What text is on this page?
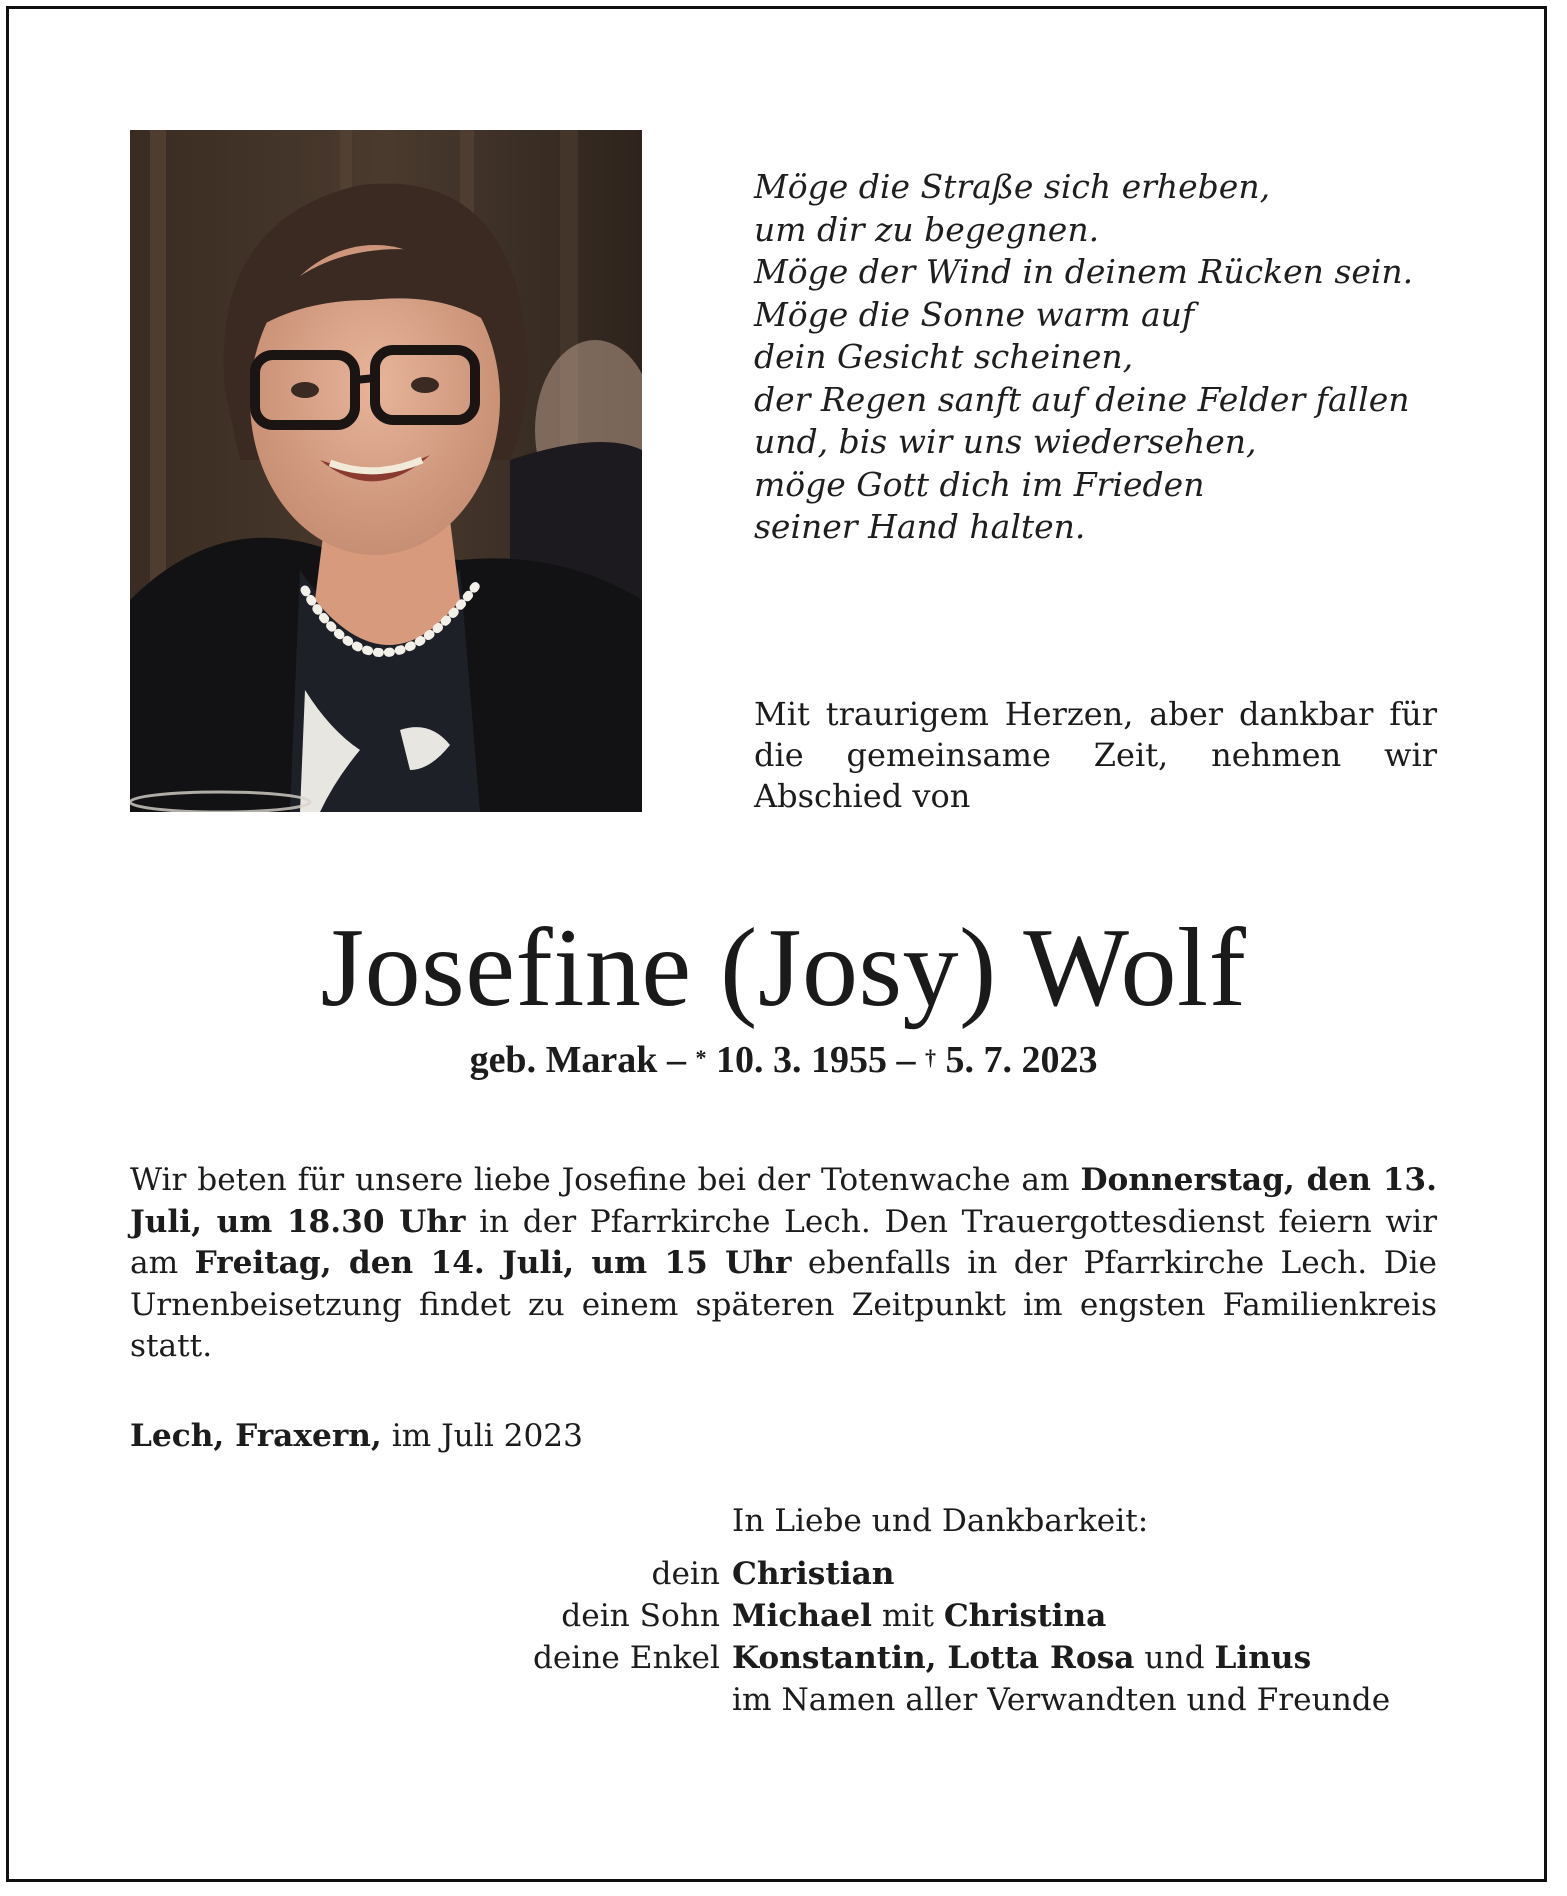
Möge die Straße sich erheben,
um dir zu begegnen.
Möge der Wind in deinem Rücken sein.
Möge die Sonne warm auf
dein Gesicht scheinen,
der Regen sanft auf deine Felder fallen
und, bis wir uns wiedersehen,
möge Gott dich im Frieden
seiner Hand halten.
Mit traurigem Herzen, aber dankbar für die gemeinsame Zeit, nehmen wir Abschied von
Josefine (Josy) Wolf
geb. Marak – * 10. 3. 1955 – † 5. 7. 2023
Wir beten für unsere liebe Josefine bei der Totenwache am Donnerstag, den 13. Juli, um 18.30 Uhr in der Pfarrkirche Lech. Den Trauergottesdienst feiern wir am Freitag, den 14. Juli, um 15 Uhr ebenfalls in der Pfarrkirche Lech. Die Urnenbeisetzung findet zu einem späteren Zeitpunkt im engsten Familienkreis statt.
Lech, Fraxern, im Juli 2023
In Liebe und Dankbarkeit:
dein Christian
dein Sohn Michael mit Christina
deine Enkel Konstantin, Lotta Rosa und Linus
im Namen aller Verwandten und Freunde
